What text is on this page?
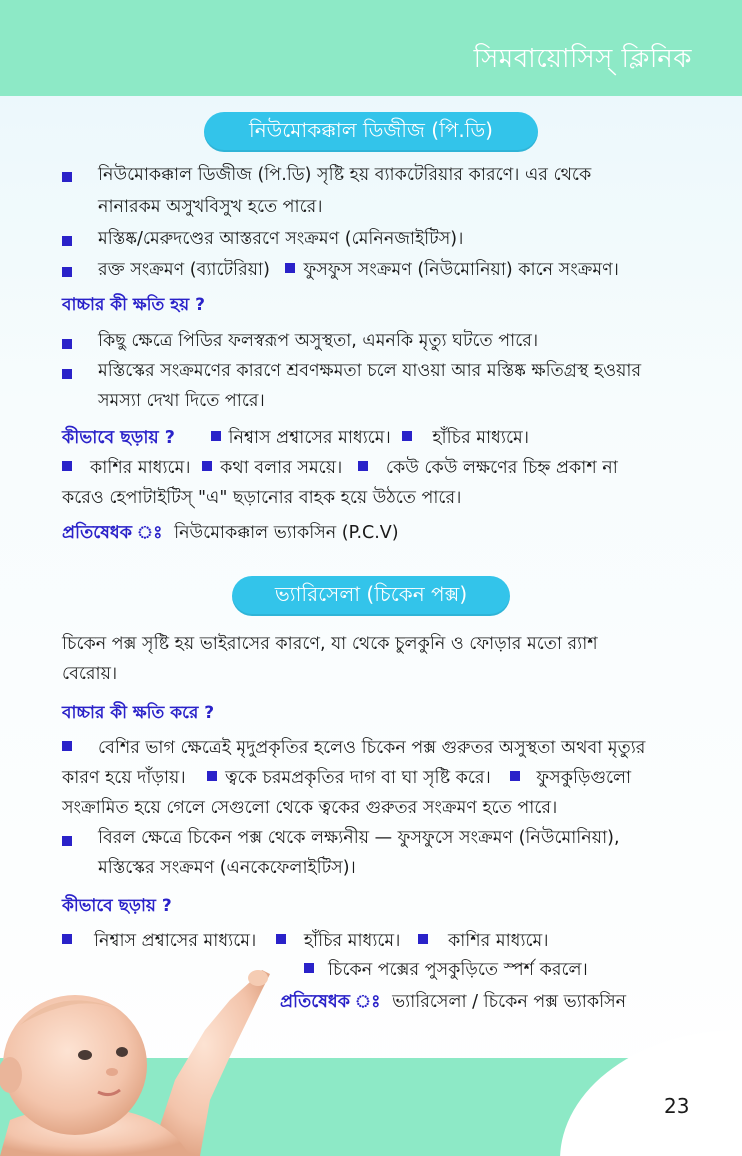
সিমবায়োসিস্ ক্লিনিক
নিউমোকক্কাল ডিজীজ (পি.ডি)
নিউমোকক্কাল ডিজীজ (পি.ডি) সৃষ্টি হয় ব্যাকটেরিয়ার কারণে। এর থেকে
নানারকম অসুখবিসুখ হতে পারে।
মস্তিষ্ক/মেরুদণ্ডের আস্তরণে সংক্রমণ (মেনিনজাইটিস)।
রক্ত সংক্রমণ (ব্যাটেরিয়া) ফুসফুস সংক্রমণ (নিউমোনিয়া) কানে সংক্রমণ।
বাচ্চার কী ক্ষতি হয় ?
কিছু ক্ষেত্রে পিডির ফলস্বরূপ অসুস্থতা, এমনকি মৃত্যু ঘটতে পারে।
মস্তিস্কের সংক্রমণের কারণে শ্রবণক্ষমতা চলে যাওয়া আর মস্তিষ্ক ক্ষতিগ্রস্থ হওয়ার
সমস্যা দেখা দিতে পারে।
কীভাবে ছড়ায় ?	নিশ্বাস প্রশ্বাসের মাধ্যমে। হাঁচির মাধ্যমে।
কাশির মাধ্যমে। কথা বলার সময়ে। কেউ কেউ লক্ষণের চিহ্ন প্রকাশ না
করেও হেপাটাইটিস্ "এ" ছড়ানোর বাহক হয়ে উঠতে পারে।
প্রতিষেধক ঃ নিউমোকক্কাল ভ্যাকসিন (P.C.V)
ভ্যারিসেলা (চিকেন পক্স)
চিকেন পক্স সৃষ্টি হয় ভাইরাসের কারণে, যা থেকে চুলকুনি ও ফোড়ার মতো র‍্যাশ
বেরোয়।
বাচ্চার কী ক্ষতি করে ?
বেশির ভাগ ক্ষেত্রেই মৃদুপ্রকৃতির হলেও চিকেন পক্স গুরুতর অসুস্থতা অথবা মৃত্যুর
কারণ হয়ে দাঁড়ায়। ত্বকে চরমপ্রকৃতির দাগ বা ঘা সৃষ্টি করে।	ফুসকুড়িগুলো
সংক্রামিত হয়ে গেলে সেগুলো থেকে ত্বকের গুরুতর সংক্রমণ হতে পারে।
বিরল ক্ষেত্রে চিকেন পক্স থেকে লক্ষ্যনীয় — ফুসফুসে সংক্রমণ (নিউমোনিয়া),
মস্তিস্কের সংক্রমণ (এনকেফেলাইটিস)।
কীভাবে ছড়ায় ?
নিশ্বাস প্রশ্বাসের মাধ্যমে।	হাঁচির মাধ্যমে।	কাশির মাধ্যমে।
চিকেন পক্সের পুসকুড়িতে স্পর্শ করলে।
প্রতিষেধক ঃ ভ্যারিসেলা / চিকেন পক্স ভ্যাকসিন
23
